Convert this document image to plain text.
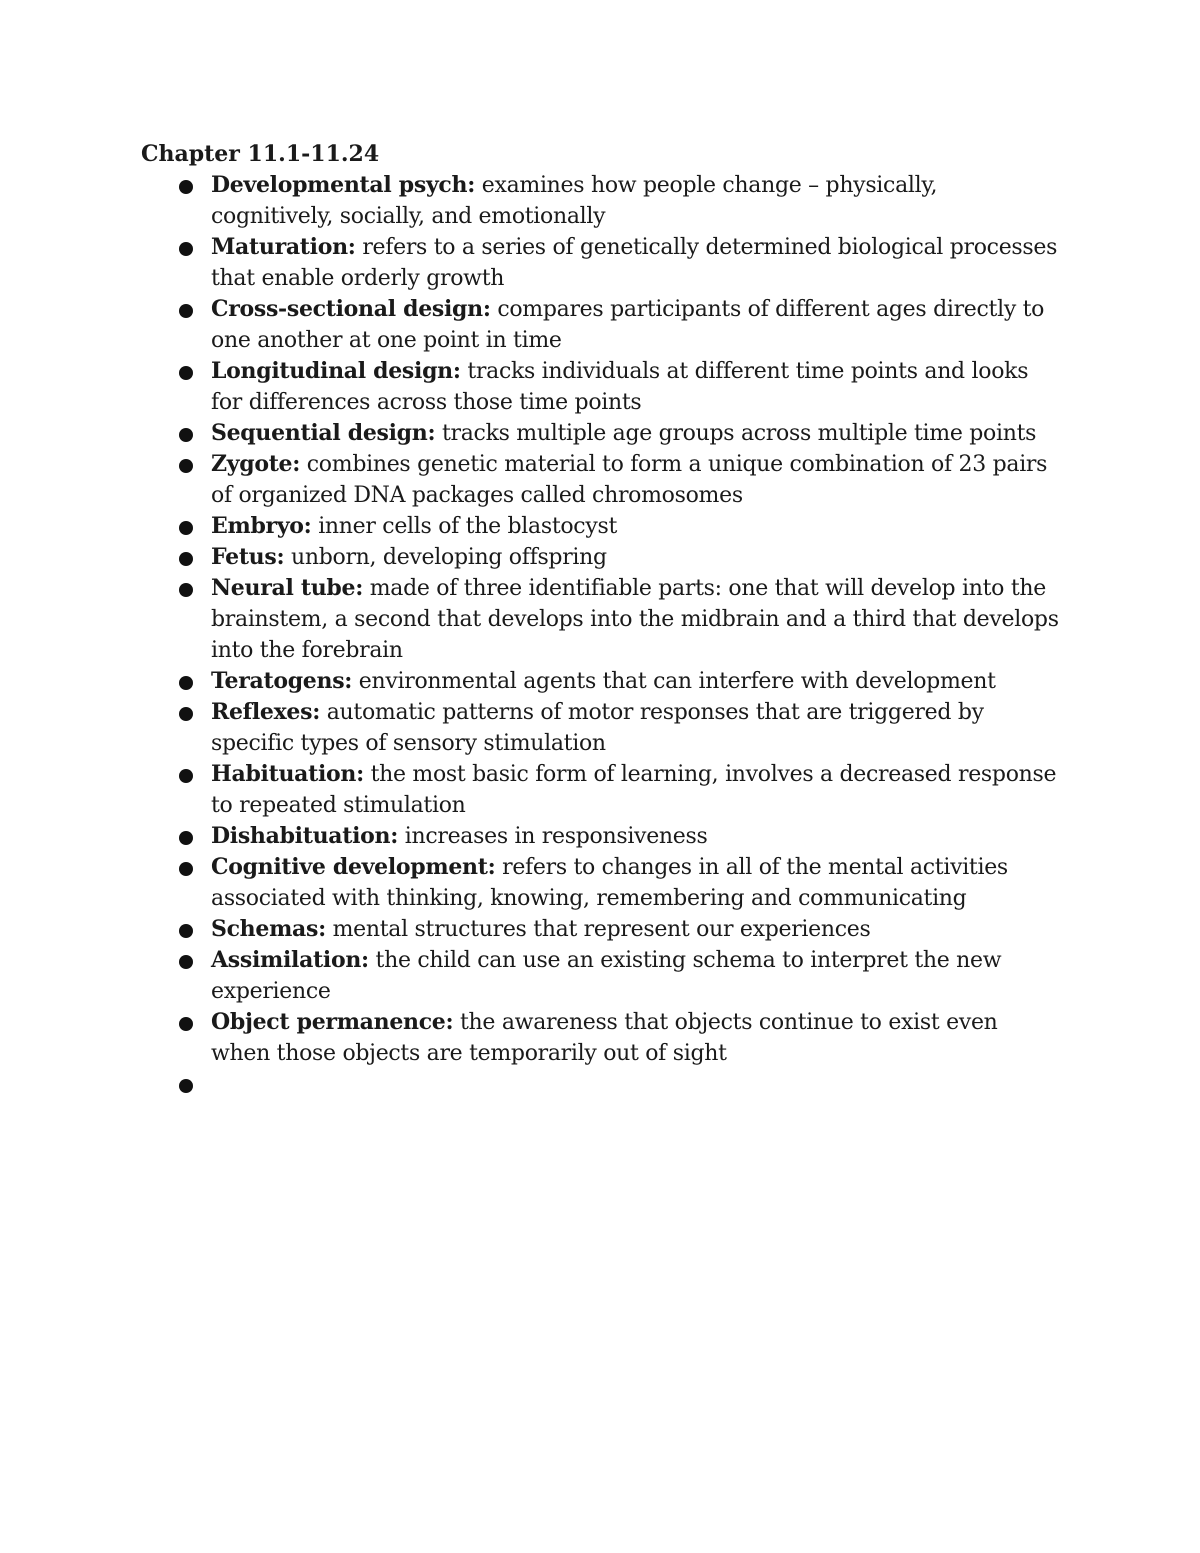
Chapter 11.1-11.24

Developmental psych: examines how people change – physically, cognitively, socially, and emotionally
Maturation: refers to a series of genetically determined biological processes that enable orderly growth
Cross-sectional design: compares participants of different ages directly to one another at one point in time
Longitudinal design: tracks individuals at different time points and looks for differences across those time points
Sequential design: tracks multiple age groups across multiple time points
Zygote: combines genetic material to form a unique combination of 23 pairs of organized DNA packages called chromosomes
Embryo: inner cells of the blastocyst
Fetus: unborn, developing offspring
Neural tube: made of three identifiable parts: one that will develop into the brainstem, a second that develops into the midbrain and a third that develops into the forebrain
Teratogens: environmental agents that can interfere with development
Reflexes: automatic patterns of motor responses that are triggered by specific types of sensory stimulation
Habituation: the most basic form of learning, involves a decreased response to repeated stimulation
Dishabituation: increases in responsiveness
Cognitive development: refers to changes in all of the mental activities associated with thinking, knowing, remembering and communicating
Schemas: mental structures that represent our experiences
Assimilation: the child can use an existing schema to interpret the new experience
Object permanence: the awareness that objects continue to exist even when those objects are temporarily out of sight
